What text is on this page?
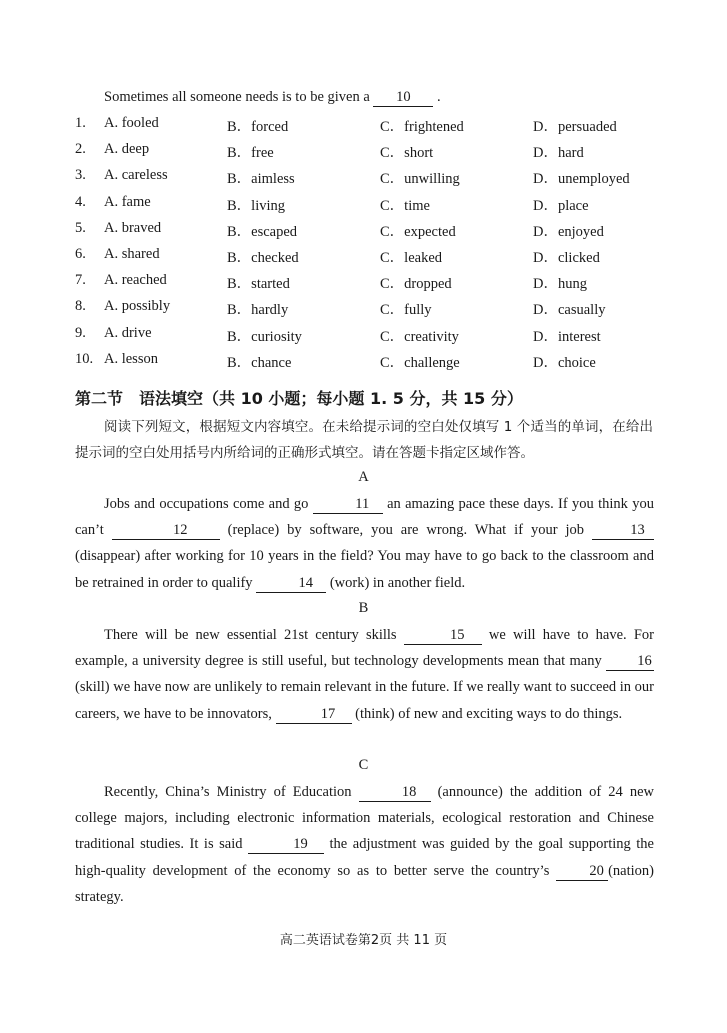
Sometimes all someone needs is to be given a 10 .
1. A. fooled	B．forced	C．frightened	D．persuaded
2. A. deep	B．free	C．short	D．hard
3. A. careless	B．aimless	C．unwilling	D．unemployed
4. A. fame	B．living	C．time	D．place
5. A. braved	B．escaped	C．expected	D．enjoyed
6. A. shared	B．checked	C．leaked	D．clicked
7. A. reached	B．started	C．dropped	D．hung
8. A. possibly	B．hardly	C．fully	D．casually
9. A. drive	B．curiosity	C．creativity	D．interest
10. A. lesson	B．chance	C．challenge	D．choice
第二节　语法填空（共 10 小题；每小题 1. 5 分，共 15 分）
阅读下列短文，根据短文内容填空。在未给提示词的空白处仅填写 1 个适当的单词，在给出提示词的空白处用括号内所给词的正确形式填空。请在答题卡指定区域作答。
A
Jobs and occupations come and go	11 an amazing pace these days. If you think you can’t	12 (replace) by software, you are wrong. What if your job	13 (disappear) after working for 10 years in the field? You may have to go back to the classroom and be retrained in order to qualify	14 (work) in another field.
B
There will be new essential 21st century skills	15 we will have to have. For example, a university degree is still useful, but technology developments mean that many 16 (skill) we have now are unlikely to remain relevant in the future. If we really want to succeed in our careers, we have to be innovators,	17 (think) of new and exciting ways to do things.
C
Recently, China’s Ministry of Education	18 (announce) the addition of 24 new college majors, including electronic information materials, ecological restoration and Chinese traditional studies. It is said	19 the adjustment was guided by the goal supporting the high-quality development of the economy so as to better serve the country’s 20 (nation) strategy.
高二英语试卷第2页 共 11 页
